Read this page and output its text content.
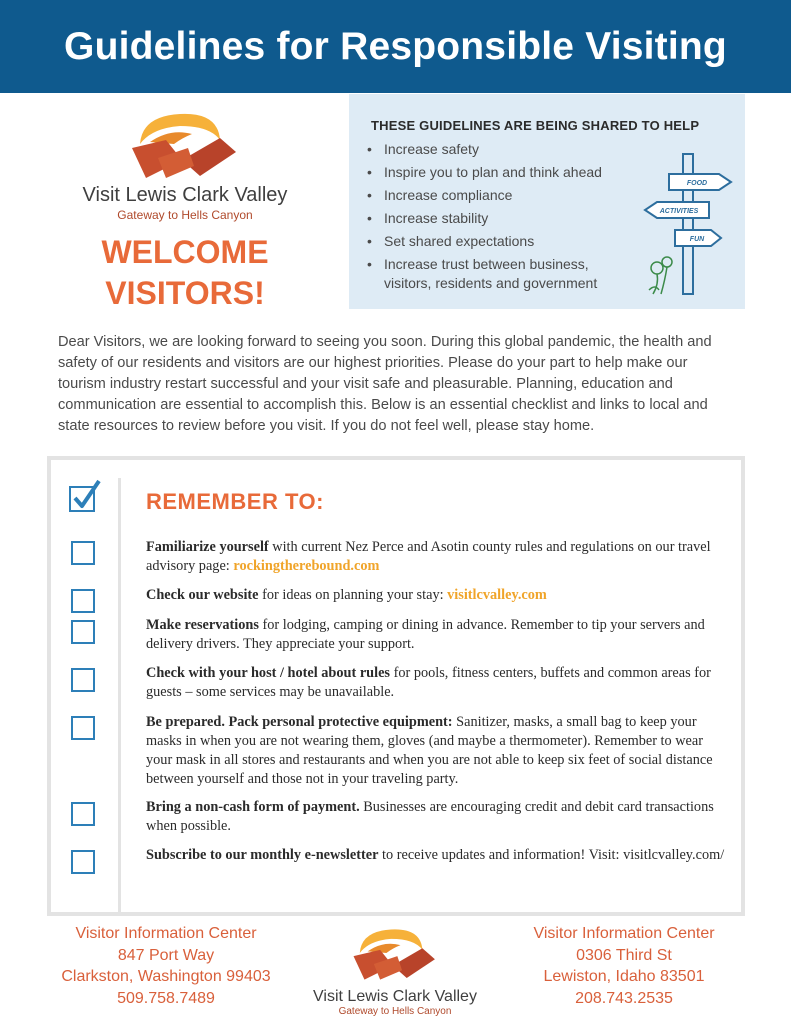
Guidelines for Responsible Visiting
Visit Lewis Clark Valley
Gateway to Hells Canyon
WELCOME
VISITORS!
THESE GUIDELINES ARE BEING SHARED TO HELP
• Increase safety
• Inspire you to plan and think ahead
• Increase compliance
• Increase stability
• Set shared expectations
• Increase trust between business, visitors, residents and government
FOOD
ACTIVITIES
FUN

Dear Visitors, we are looking forward to seeing you soon. During this global pandemic, the health and safety of our residents and visitors are our highest priorities. Please do your part to help make our tourism industry restart successful and your visit safe and pleasurable. Planning, education and communication are essential to accomplish this. Below is an essential checklist and links to local and state resources to review before you visit. If you do not feel well, please stay home.

REMEMBER TO:
Familiarize yourself with current Nez Perce and Asotin county rules and regulations on our travel advisory page: rockingtherebound.com
Check our website for ideas on planning your stay: visitlcvalley.com
Make reservations for lodging, camping or dining in advance. Remember to tip your servers and delivery drivers. They appreciate your support.
Check with your host / hotel about rules for pools, fitness centers, buffets and common areas for guests – some services may be unavailable.
Be prepared. Pack personal protective equipment: Sanitizer, masks, a small bag to keep your masks in when you are not wearing them, gloves (and maybe a thermometer). Remember to wear your mask in all stores and restaurants and when you are not able to keep six feet of social distance between yourself and those not in your traveling party.
Bring a non-cash form of payment. Businesses are encouraging credit and debit card transactions when possible.
Subscribe to our monthly e-newsletter to receive updates and information! Visit: visitlcvalley.com/
Visitor Information Center
847 Port Way
Clarkston, Washington 99403
509.758.7489	Visit Lewis Clark Valley
Gateway to Hells Canyon
Visitor Information Center
0306 Third St
Lewiston, Idaho 83501
208.743.2535
